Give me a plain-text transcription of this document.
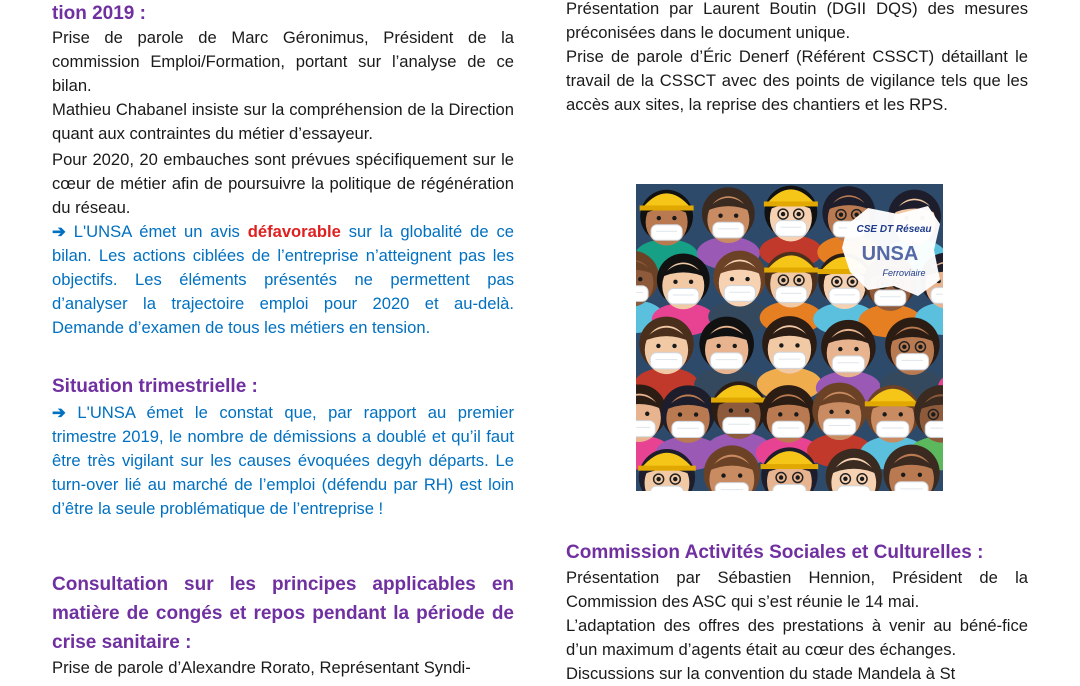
tion 2019 :

Prise de parole de Marc Géronimus, Président de la commission Emploi/Formation, portant sur l’analyse de ce bilan.

Mathieu Chabanel insiste sur la compréhension de la Direction quant aux contraintes du métier d’essayeur.

Pour 2020, 20 embauches sont prévues spécifiquement sur le cœur de métier afin de poursuivre la politique de régénération du réseau.

➔ L'UNSA émet un avis défavorable sur la globalité de ce bilan. Les actions ciblées de l’entreprise n’atteignent pas les objectifs. Les éléments présentés ne permettent pas d’analyser la trajectoire emploi pour 2020 et au-delà. Demande d’examen de tous les métiers en tension.

Situation trimestrielle :

➔ L'UNSA émet le constat que, par rapport au premier trimestre 2019, le nombre de démissions a doublé et qu’il faut être très vigilant sur les causes évoquées degyh départs. Le turn-over lié au marché de l’emploi (défendu par RH) est loin d’être la seule problématique de l’entreprise !

Consultation sur les principes applicables en matière de congés et repos pendant la période de crise sanitaire :

Prise de parole d’Alexandre Rorato, Représentant Syndi-

Présentation par Laurent Boutin (DGII DQS) des mesures préconisées dans le document unique.

Prise de parole d’Éric Denerf (Référent CSSCT) détaillant le travail de la CSSCT avec des points de vigilance tels que les accès aux sites, la reprise des chantiers et les RPS.

Commission Activités Sociales et Culturelles :

Présentation par Sébastien Hennion, Président de la Commission des ASC qui s’est réunie le 14 mai.

L’adaptation des offres des prestations à venir au béné-fice d’un maximum d’agents était au cœur des échanges.

Discussions sur la convention du stade Mandela à St

CSE DT Réseau
UNSA
Ferroviaire
